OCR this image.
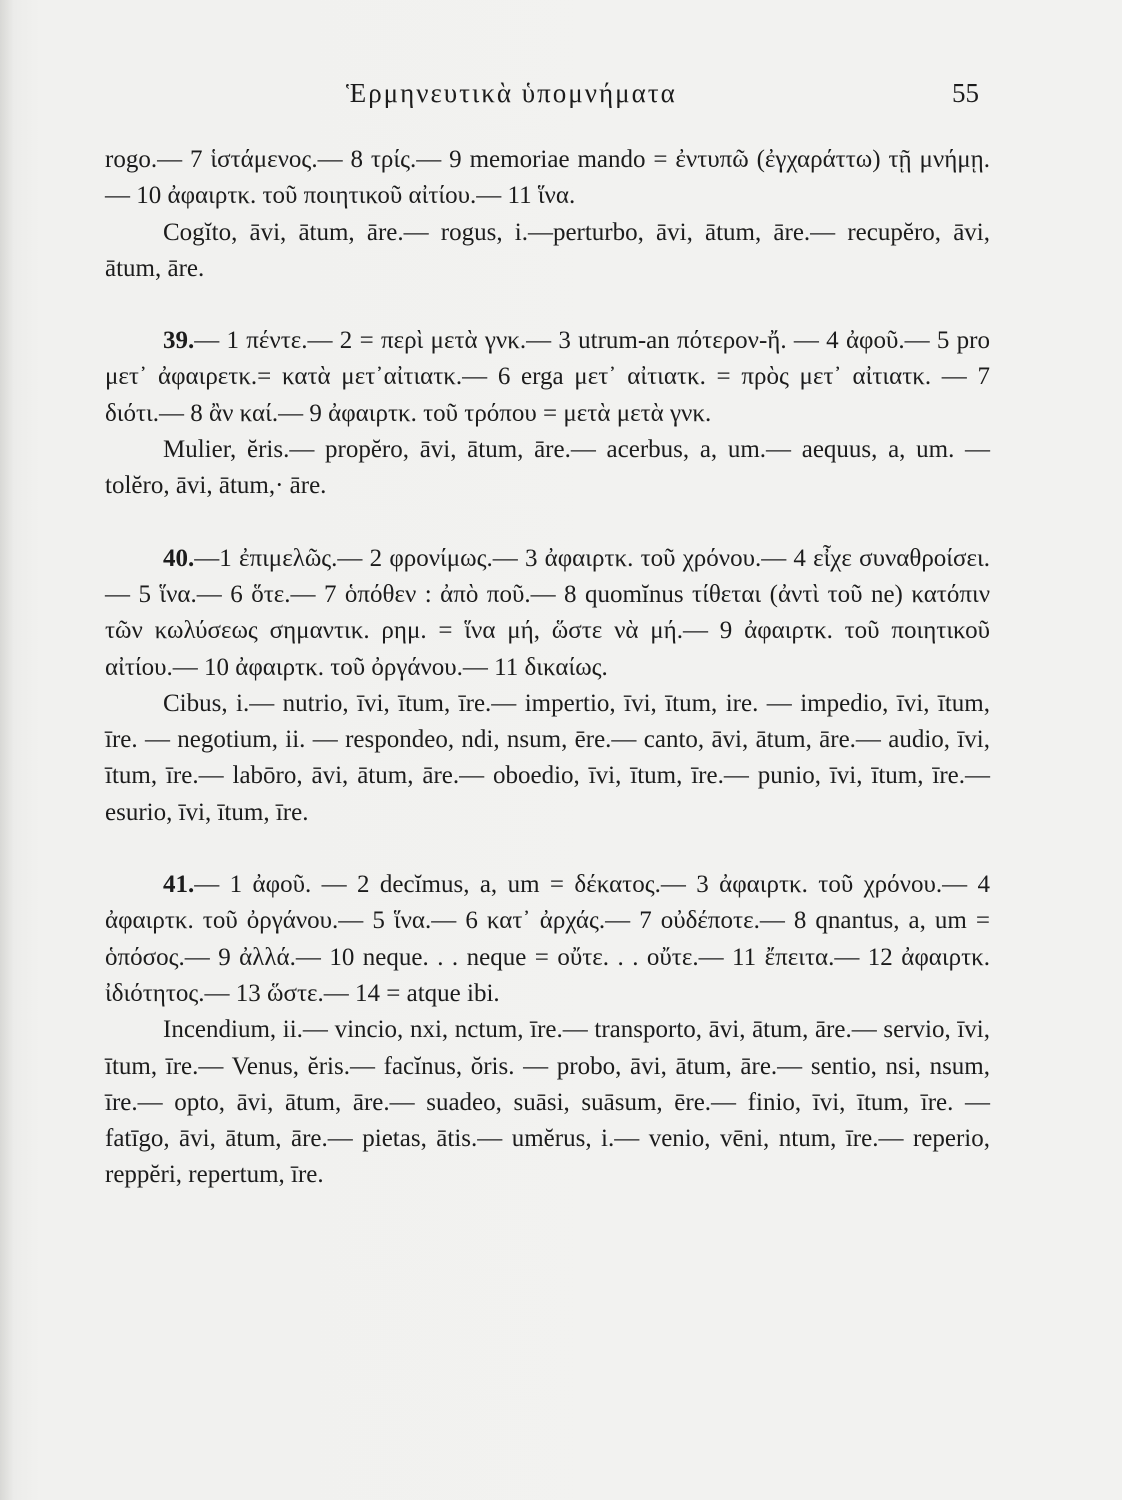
Ἑρμηνευτικὰ ὑπομνήματα	55

rogo.— 7 ἱστάμενος.— 8 τρίς.— 9 memoriae mando = ἐντυπῶ (ἐγχαράττω) τῇ μνήμῃ.— 10 ἀφαιρτκ. τοῦ ποιητικοῦ αἰτίου.— 11 ἵνα.

Cogĭto, āvi, ātum, āre.— rogus, i.—perturbo, āvi, ātum, āre.— recupĕro, āvi, ātum, āre.

39.— 1 πέντε.— 2 = περὶ μετὰ γνκ.— 3 utrum-an πότερον-ἤ. — 4 ἀφοῦ.— 5 pro μετ᾽ ἀφαιρετκ.= κατὰ μετ᾽αἰτιατκ.— 6 erga μετ᾽ αἰτιατκ. = πρὸς μετ᾽ αἰτιατκ. — 7 διότι.— 8 ἂν καί.— 9 ἀφαιρτκ. τοῦ τρόπου = μετὰ μετὰ γνκ.

Mulier, ĕris.— propĕro, āvi, ātum, āre.— acerbus, a, um.— aequus, a, um. — tolĕro, āvi, ātum,· āre.

40.—1 ἐπιμελῶς.— 2 φρονίμως.— 3 ἀφαιρτκ. τοῦ χρόνου.— 4 εἶχε συναθροίσει.— 5 ἵνα.— 6 ὅτε.— 7 ὁπόθεν : ἀπὸ ποῦ.— 8 quomĭnus τίθεται (ἀντὶ τοῦ ne) κατόπιν τῶν κωλύσεως σημαντικ. ρημ. = ἵνα μή, ὥστε νὰ μή.— 9 ἀφαιρτκ. τοῦ ποιητικοῦ αἰτίου.— 10 ἀφαιρτκ. τοῦ ὀργάνου.— 11 δικαίως.

Cibus, i.— nutrio, īvi, ītum, īre.— impertio, īvi, ītum, ire. — impedio, īvi, ītum, īre. — negotium, ii. — respondeo, ndi, nsum, ēre.— canto, āvi, ātum, āre.— audio, īvi, ītum, īre.— labōro, āvi, ātum, āre.— oboedio, īvi, ītum, īre.— punio, īvi, ītum, īre.— esurio, īvi, ītum, īre.

41.— 1 ἀφοῦ. — 2 decĭmus, a, um = δέκατος.— 3 ἀφαιρτκ. τοῦ χρόνου.— 4 ἀφαιρτκ. τοῦ ὀργάνου.— 5 ἵνα.— 6 κατ᾽ ἀρχάς.— 7 οὐδέποτε.— 8 qnantus, a, um = ὁπόσος.— 9 ἀλλά.— 10 neque. . . neque = οὔτε. . . οὔτε.— 11 ἔπειτα.— 12 ἀφαιρτκ. ἰδιότητος.— 13 ὥστε.— 14 = atque ibi.

Incendium, ii.— vincio, nxi, nctum, īre.— transporto, āvi, ātum, āre.— servio, īvi, ītum, īre.— Venus, ĕris.— facĭnus, ŏris. — probo, āvi, ātum, āre.— sentio, nsi, nsum, īre.— opto, āvi, ātum, āre.— suadeo, suāsi, suāsum, ēre.— finio, īvi, ītum, īre. — fatīgo, āvi, ātum, āre.— pietas, ātis.— umĕrus, i.— venio, vēni, ntum, īre.— reperio, reppĕri, repertum, īre.
